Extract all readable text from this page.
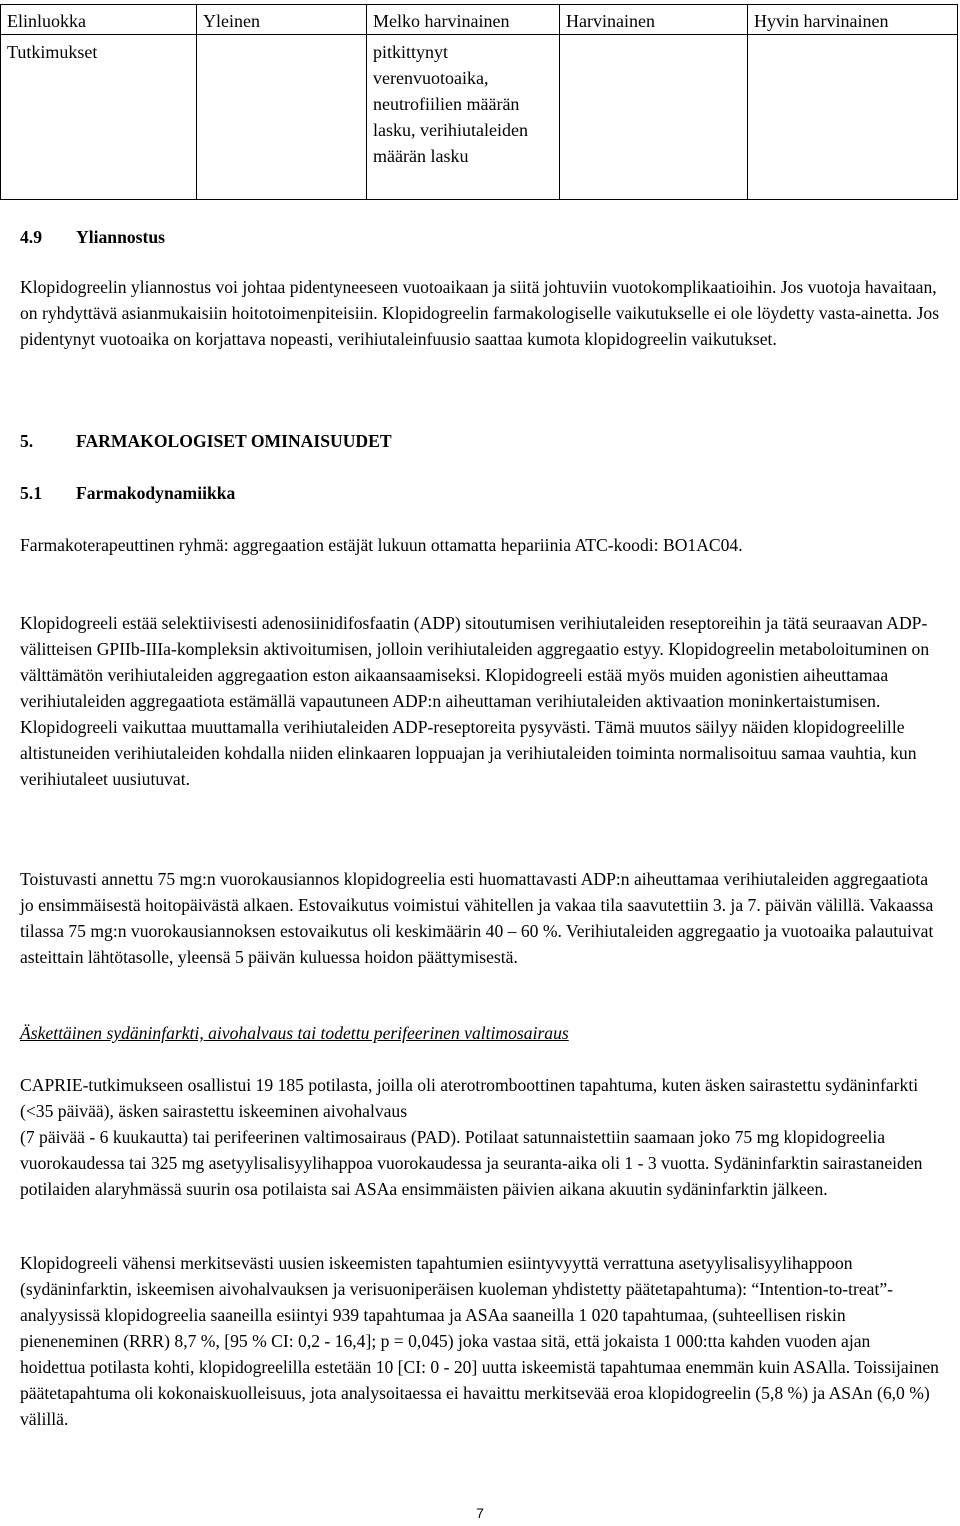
Elinluokka	Yleinen	Melko harvinainen	Harvinainen	Hyvin harvinainen
Tutkimukset		pitkittynyt verenvuotoaika, neutrofiilien määrän lasku, verihiutaleiden määrän lasku		
4.9 Yliannostus

Klopidogreelin yliannostus voi johtaa pidentyneeseen vuotoaikaan ja siitä johtuviin vuotokomplikaatioihin. Jos vuotoja havaitaan, on ryhdyttävä asianmukaisiin hoitotoimenpiteisiin. Klopidogreelin farmakologiselle vaikutukselle ei ole löydetty vasta-ainetta. Jos pidentynyt vuotoaika on korjattava nopeasti, verihiutaleinfuusio saattaa kumota klopidogreelin vaikutukset.

5. FARMAKOLOGISET OMINAISUUDET
5.1 Farmakodynamiikka

Farmakoterapeuttinen ryhmä: aggregaation estäjät lukuun ottamatta hepariinia ATC-koodi: BO1AC04.

Klopidogreeli estää selektiivisesti adenosiinidifosfaatin (ADP) sitoutumisen verihiutaleiden reseptoreihin ja tätä seuraavan ADP-välitteisen GPIIb-IIIa-kompleksin aktivoitumisen, jolloin verihiutaleiden aggregaatio estyy. Klopidogreelin metaboloituminen on välttämätön verihiutaleiden aggregaation eston aikaansaamiseksi. Klopidogreeli estää myös muiden agonistien aiheuttamaa verihiutaleiden aggregaatiota estämällä vapautuneen ADP:n aiheuttaman verihiutaleiden aktivaation moninkertaistumisen. Klopidogreeli vaikuttaa muuttamalla verihiutaleiden ADP-reseptoreita pysyvästi. Tämä muutos säilyy näiden klopidogreelille altistuneiden verihiutaleiden kohdalla niiden elinkaaren loppuajan ja verihiutaleiden toiminta normalisoituu samaa vauhtia, kun verihiutaleet uusiutuvat.

Toistuvasti annettu 75 mg:n vuorokausiannos klopidogreelia esti huomattavasti ADP:n aiheuttamaa verihiutaleiden aggregaatiota jo ensimmäisestä hoitopäivästä alkaen. Estovaikutus voimistui vähitellen ja vakaa tila saavutettiin 3. ja 7. päivän välillä. Vakaassa tilassa 75 mg:n vuorokausiannoksen estovaikutus oli keskimäärin 40 – 60 %. Verihiutaleiden aggregaatio ja vuotoaika palautuivat asteittain lähtötasolle, yleensä 5 päivän kuluessa hoidon päättymisestä.

Äskettäinen sydäninfarkti, aivohalvaus tai todettu perifeerinen valtimosairaus

CAPRIE-tutkimukseen osallistui 19 185 potilasta, joilla oli aterotromboottinen tapahtuma, kuten äsken sairastettu sydäninfarkti (<35 päivää), äsken sairastettu iskeeminen aivohalvaus

(7 päivää - 6 kuukautta) tai perifeerinen valtimosairaus (PAD). Potilaat satunnaistettiin saamaan joko 75 mg klopidogreelia vuorokaudessa tai 325 mg asetyylisalisyylihappoa vuorokaudessa ja seuranta-aika oli 1 - 3 vuotta. Sydäninfarktin sairastaneiden potilaiden alaryhmässä suurin osa potilaista sai ASAa ensimmäisten päivien aikana akuutin sydäninfarktin jälkeen.

Klopidogreeli vähensi merkitsevästi uusien iskeemisten tapahtumien esiintyvyyttä verrattuna asetyylisalisyylihappoon (sydäninfarktin, iskeemisen aivohalvauksen ja verisuoniperäisen kuoleman yhdistetty päätetapahtuma): “Intention-to-treat”- analyysissä klopidogreelia saaneilla esiintyi 939 tapahtumaa ja ASAa saaneilla 1 020 tapahtumaa, (suhteellisen riskin pieneneminen (RRR) 8,7 %, [95 % CI: 0,2 - 16,4]; p = 0,045) joka vastaa sitä, että jokaista 1 000:tta kahden vuoden ajan hoidettua potilasta kohti, klopidogreelilla estetään 10 [CI: 0 - 20] uutta iskeemistä tapahtumaa enemmän kuin ASAlla. Toissijainen päätetapahtuma oli kokonaiskuolleisuus, jota analysoitaessa ei havaittu merkitsevää eroa klopidogreelin (5,8 %) ja ASAn (6,0 %) välillä.

7
